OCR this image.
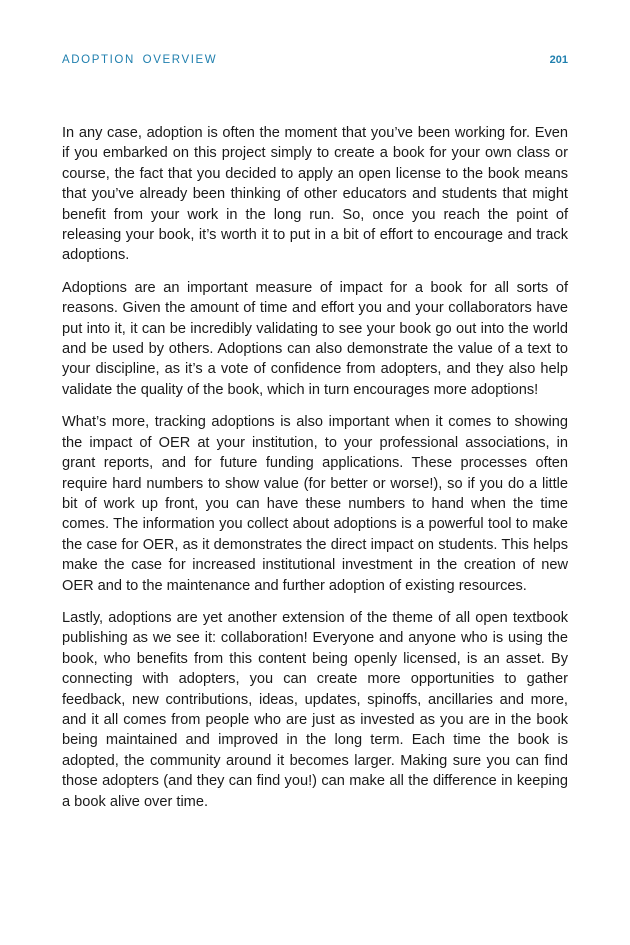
ADOPTION OVERVIEW	201

In any case, adoption is often the moment that you’ve been working for. Even if you embarked on this project simply to create a book for your own class or course, the fact that you decided to apply an open license to the book means that you’ve already been thinking of other educators and students that might benefit from your work in the long run. So, once you reach the point of releasing your book, it’s worth it to put in a bit of effort to encourage and track adoptions.

Adoptions are an important measure of impact for a book for all sorts of reasons. Given the amount of time and effort you and your collaborators have put into it, it can be incredibly validating to see your book go out into the world and be used by others. Adoptions can also demonstrate the value of a text to your discipline, as it’s a vote of confidence from adopters, and they also help validate the quality of the book, which in turn encourages more adoptions!

What’s more, tracking adoptions is also important when it comes to showing the impact of OER at your institution, to your professional associations, in grant reports, and for future funding applications. These processes often require hard numbers to show value (for better or worse!), so if you do a little bit of work up front, you can have these numbers to hand when the time comes. The information you collect about adoptions is a powerful tool to make the case for OER, as it demonstrates the direct impact on students. This helps make the case for increased institutional investment in the creation of new OER and to the maintenance and further adoption of existing resources.

Lastly, adoptions are yet another extension of the theme of all open textbook publishing as we see it: collaboration! Everyone and anyone who is using the book, who benefits from this content being openly licensed, is an asset. By connecting with adopters, you can create more opportunities to gather feedback, new contributions, ideas, updates, spinoffs, ancillaries and more, and it all comes from people who are just as invested as you are in the book being maintained and improved in the long term. Each time the book is adopted, the community around it becomes larger. Making sure you can find those adopters (and they can find you!) can make all the difference in keeping a book alive over time.
